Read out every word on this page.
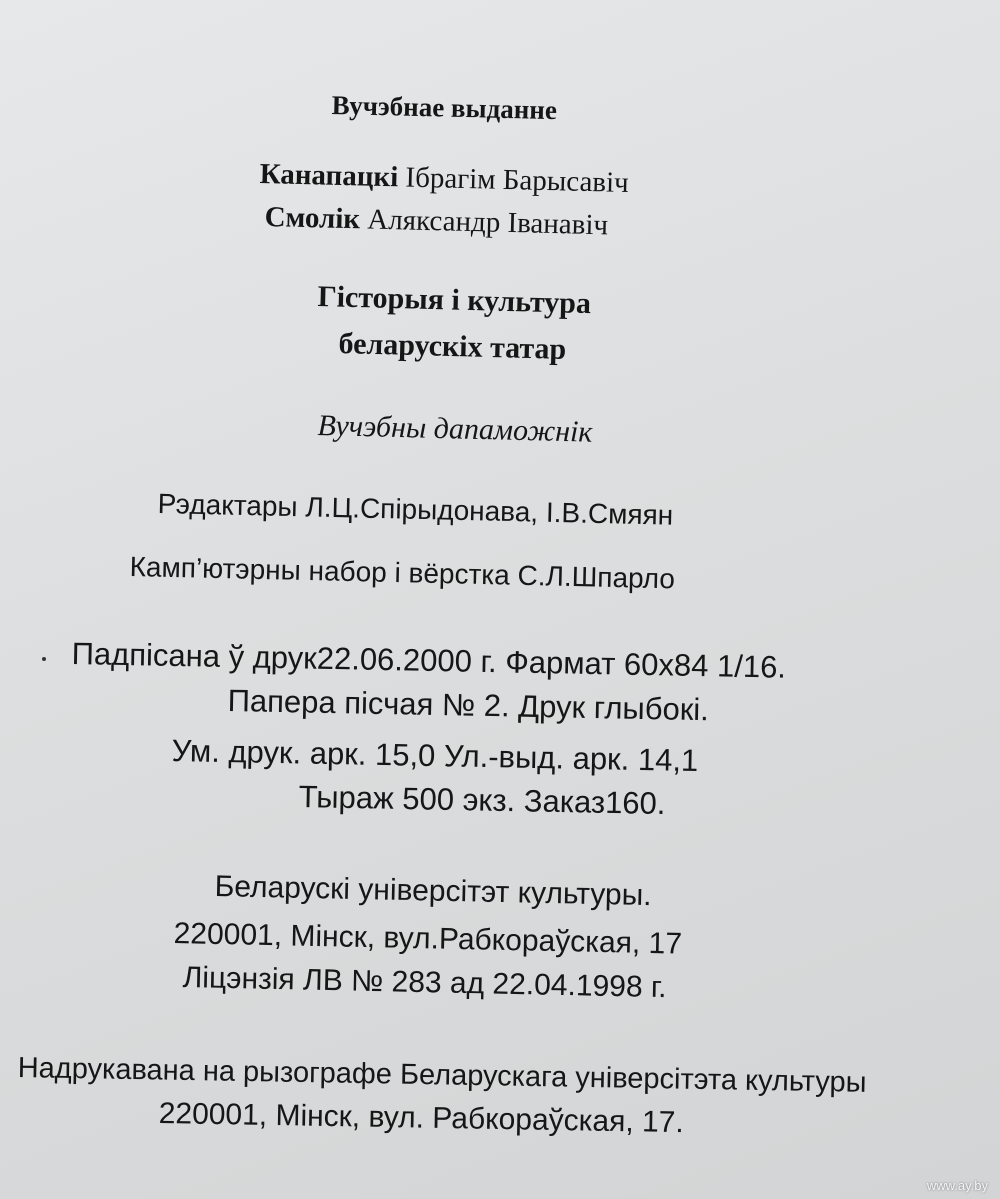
Вучэбнае выданне
Канапацкі Ібрагім Барысавіч
Смолік Аляксандр Іванавіч
Гісторыя і культура
беларускіх татар
Вучэбны дапаможнік
Рэдактары Л.Ц.Спірыдонава, І.В.Смяян
Камп’ютэрны набор і вёрстка С.Л.Шпарло
Падпісана ў друк22.06.2000 г. Фармат 60х84 1/16.
Папера пісчая № 2. Друк глыбокі.
Ум. друк. арк. 15,0 Ул.-выд. арк. 14,1
Тыраж 500 экз. Заказ160.
Беларускі універсітэт культуры.
220001, Мінск, вул.Рабкораўская, 17
Ліцэнзія ЛВ № 283 ад 22.04.1998 г.
Надрукавана на рызографе Беларускага універсітэта культуры
220001, Мінск, вул. Рабкораўская, 17.
www.ay.by
